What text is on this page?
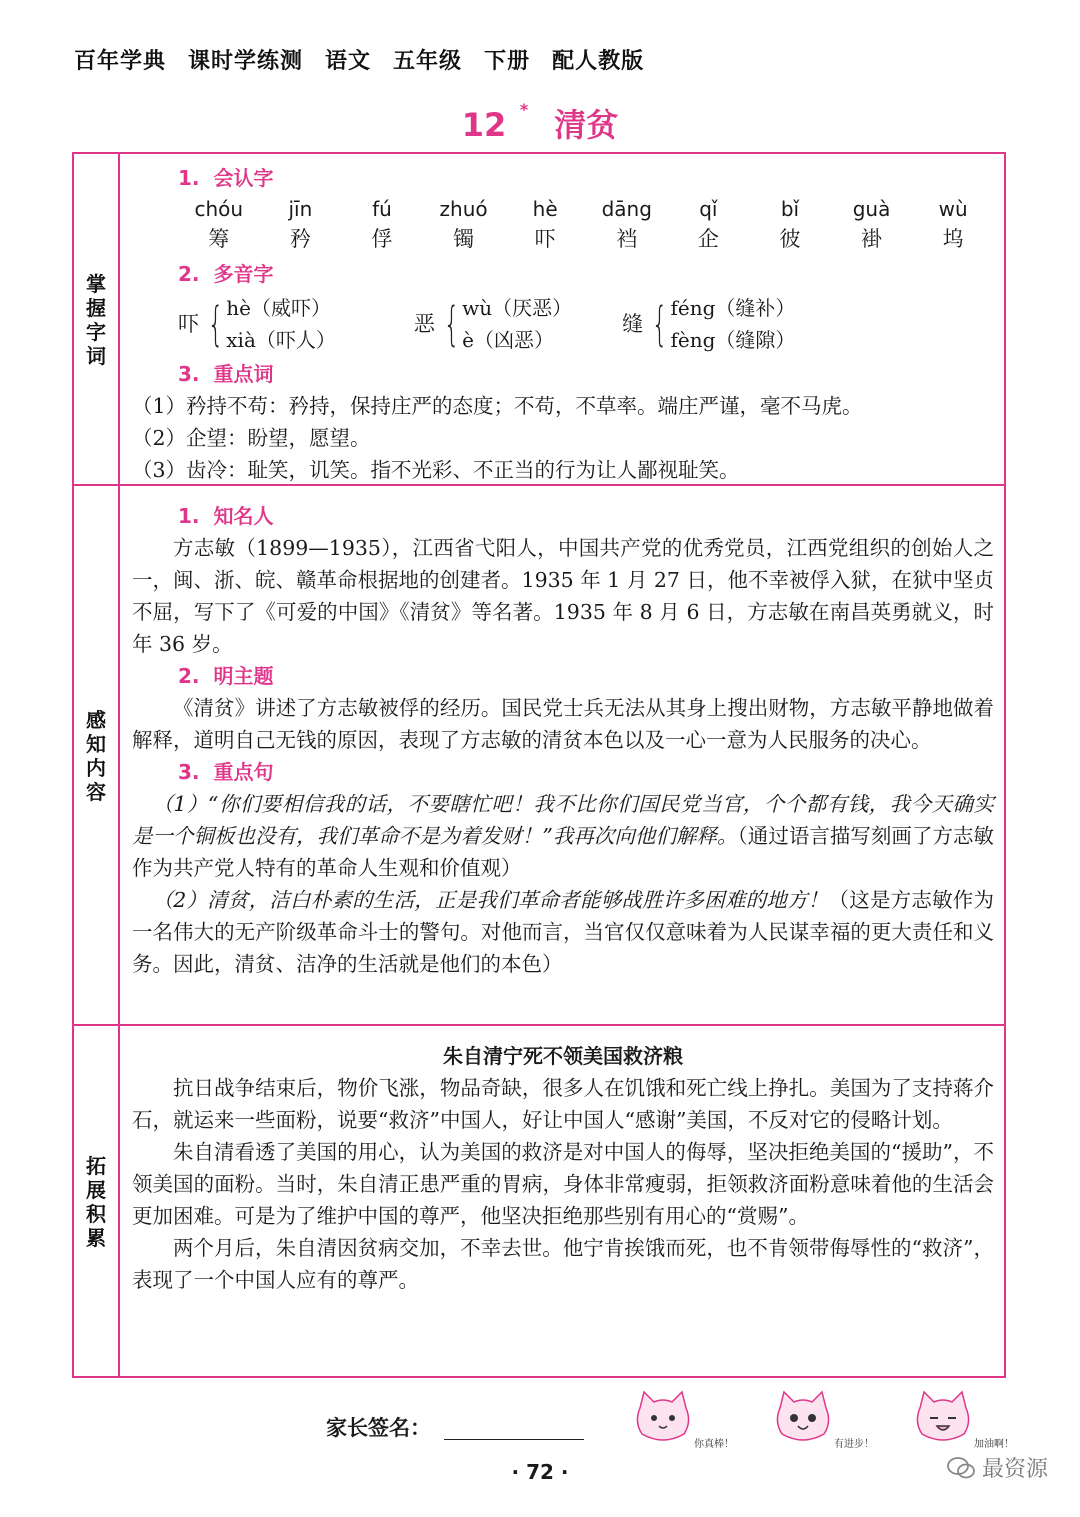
百年学典 课时学练测 语文 五年级 下册 配人教版
12 * 清贫
掌握字词
感知内容
拓展积累
1. 会认字
chóu	jīn	fú	zhuó	hè	dāng	qǐ	bǐ	guà	wù
筹	矜	俘	镯	吓	裆	企	彼	褂	坞
2. 多音字
吓 { hè（威吓）
xià（吓人）
恶 { wù（厌恶）
è（凶恶）
缝 { féng（缝补）
fèng（缝隙）
3. 重点词

（1）矜持不苟：矜持，保持庄严的态度；不苟，不草率。端庄严谨，毫不马虎。

（2）企望：盼望，愿望。

（3）齿冷：耻笑，讥笑。指不光彩、不正当的行为让人鄙视耻笑。

1. 知名人

方志敏（1899—1935），江西省弋阳人，中国共产党的优秀党员，江西党组织的创始人之一，闽、浙、皖、赣革命根据地的创建者。1935 年 1 月 27 日，他不幸被俘入狱，在狱中坚贞不屈，写下了《可爱的中国》《清贫》等名著。1935 年 8 月 6 日，方志敏在南昌英勇就义，时年 36 岁。

2. 明主题

《清贫》讲述了方志敏被俘的经历。国民党士兵无法从其身上搜出财物，方志敏平静地做着解释，道明自己无钱的原因，表现了方志敏的清贫本色以及一心一意为人民服务的决心。

3. 重点句

（1）“你们要相信我的话，不要瞎忙吧！我不比你们国民党当官，个个都有钱，我今天确实是一个铜板也没有，我们革命不是为着发财！”我再次向他们解释。（通过语言描写刻画了方志敏作为共产党人特有的革命人生观和价值观）

（2）清贫，洁白朴素的生活，正是我们革命者能够战胜许多困难的地方！（这是方志敏作为一名伟大的无产阶级革命斗士的警句。对他而言，当官仅仅意味着为人民谋幸福的更大责任和义务。因此，清贫、洁净的生活就是他们的本色）

朱自清宁死不领美国救济粮

抗日战争结束后，物价飞涨，物品奇缺，很多人在饥饿和死亡线上挣扎。美国为了支持蒋介石，就运来一些面粉，说要“救济”中国人，好让中国人“感谢”美国，不反对它的侵略计划。

朱自清看透了美国的用心，认为美国的救济是对中国人的侮辱，坚决拒绝美国的“援助”，不领美国的面粉。当时，朱自清正患严重的胃病，身体非常瘦弱，拒领救济面粉意味着他的生活会更加困难。可是为了维护中国的尊严，他坚决拒绝那些别有用心的“赏赐”。

两个月后，朱自清因贫病交加，不幸去世。他宁肯挨饿而死，也不肯领带侮辱性的“救济”，表现了一个中国人应有的尊严。

家长签名：
你真棒！	有进步！	加油啊！
· 72 ·	最资源
